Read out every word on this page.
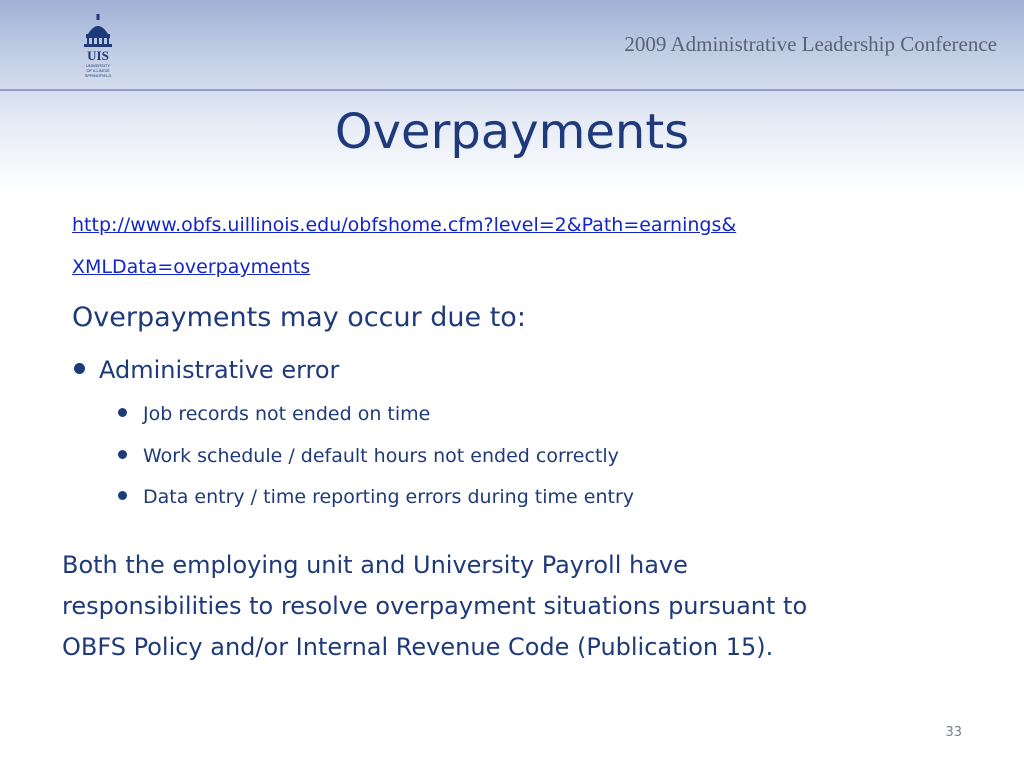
UIS
UNIVERSITY
OF ILLINOIS
SPRINGFIELD
2009 Administrative Leadership Conference
Overpayments
http://www.obfs.uillinois.edu/obfshome.cfm?level=2&Path=earnings&
XMLData=overpayments
Overpayments may occur due to:
Administrative error
Job records not ended on time
Work schedule / default hours not ended correctly
Data entry / time reporting errors during time entry
Both the employing unit and University Payroll have
responsibilities to resolve overpayment situations pursuant to
OBFS Policy and/or Internal Revenue Code (Publication 15).
33
